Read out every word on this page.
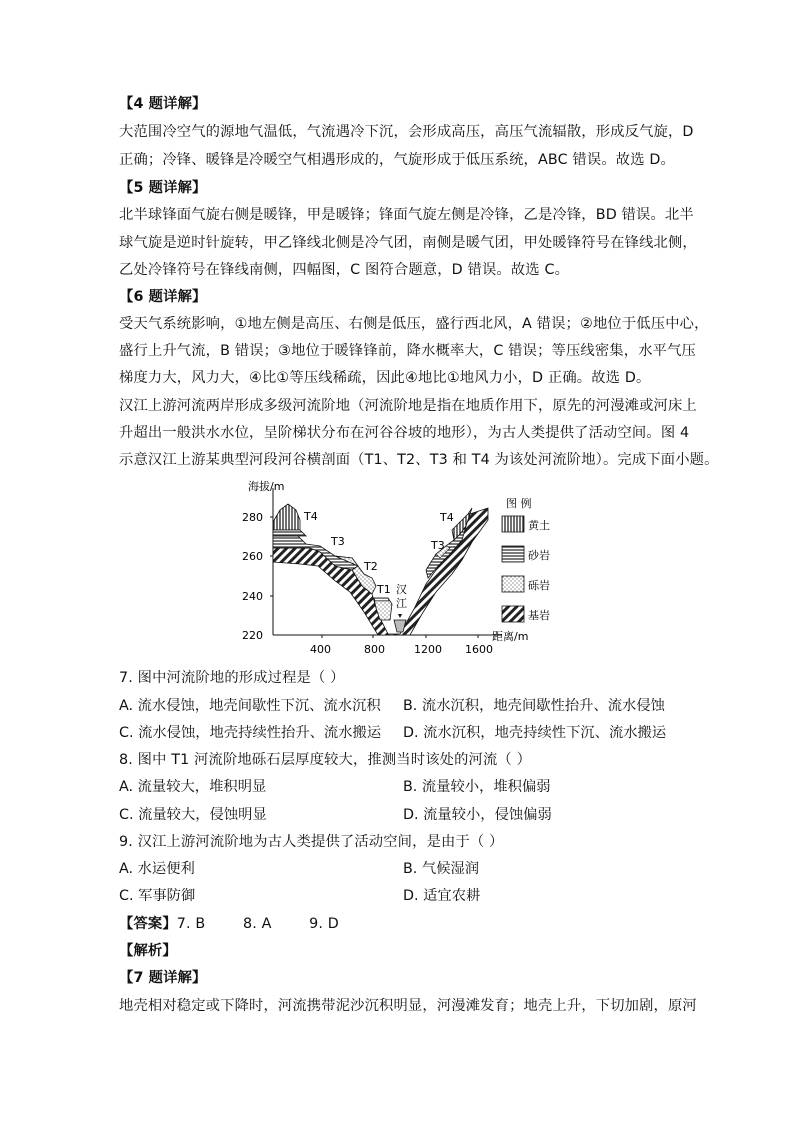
【4 题详解】
大范围冷空气的源地气温低，气流遇冷下沉，会形成高压，高压气流辐散，形成反气旋，D
正确；冷锋、暖锋是冷暖空气相遇形成的，气旋形成于低压系统，ABC 错误。故选 D。
【5 题详解】
北半球锋面气旋右侧是暖锋，甲是暖锋；锋面气旋左侧是冷锋，乙是冷锋，BD 错误。北半
球气旋是逆时针旋转，甲乙锋线北侧是冷气团，南侧是暖气团，甲处暖锋符号在锋线北侧，
乙处冷锋符号在锋线南侧，四幅图，C 图符合题意，D 错误。故选 C。
【6 题详解】
受天气系统影响，①地左侧是高压、右侧是低压，盛行西北风，A 错误；②地位于低压中心，
盛行上升气流，B 错误；③地位于暖锋锋前，降水概率大，C 错误；等压线密集，水平气压
梯度力大，风力大，④比①等压线稀疏，因此④地比①地风力小，D 正确。故选 D。
汉江上游河流两岸形成多级河流阶地（河流阶地是指在地质作用下，原先的河漫滩或河床上
升超出一般洪水水位，呈阶梯状分布在河谷谷坡的地形），为古人类提供了活动空间。图 4
示意汉江上游某典型河段河谷横剖面（T1、T2、T3 和 T4 为该处河流阶地）。完成下面小题。
海拔/m
距离/m
280
260
240
220
400	800	1200 1600
T4
T3
T2
T1
T3
T4
汉
江
图 例
黄土
砂岩
砾岩
基岩
7. 图中河流阶地的形成过程是（ ）
A. 流水侵蚀，地壳间歇性下沉、流水沉积 B. 流水沉积，地壳间歇性抬升、流水侵蚀
C. 流水侵蚀，地壳持续性抬升、流水搬运 D. 流水沉积，地壳持续性下沉、流水搬运
8. 图中 T1 河流阶地砾石层厚度较大，推测当时该处的河流（ ）
A. 流量较大，堆积明显	B. 流量较小，堆积偏弱
C. 流量较大，侵蚀明显	D. 流量较小，侵蚀偏弱
9. 汉江上游河流阶地为古人类提供了活动空间，是由于（ ）
A. 水运便利	B. 气候湿润
C. 军事防御	D. 适宜农耕
【答案】7. B        8. A        9. D
【解析】
【7 题详解】
地壳相对稳定或下降时，河流携带泥沙沉积明显，河漫滩发育；地壳上升，下切加剧，原河
